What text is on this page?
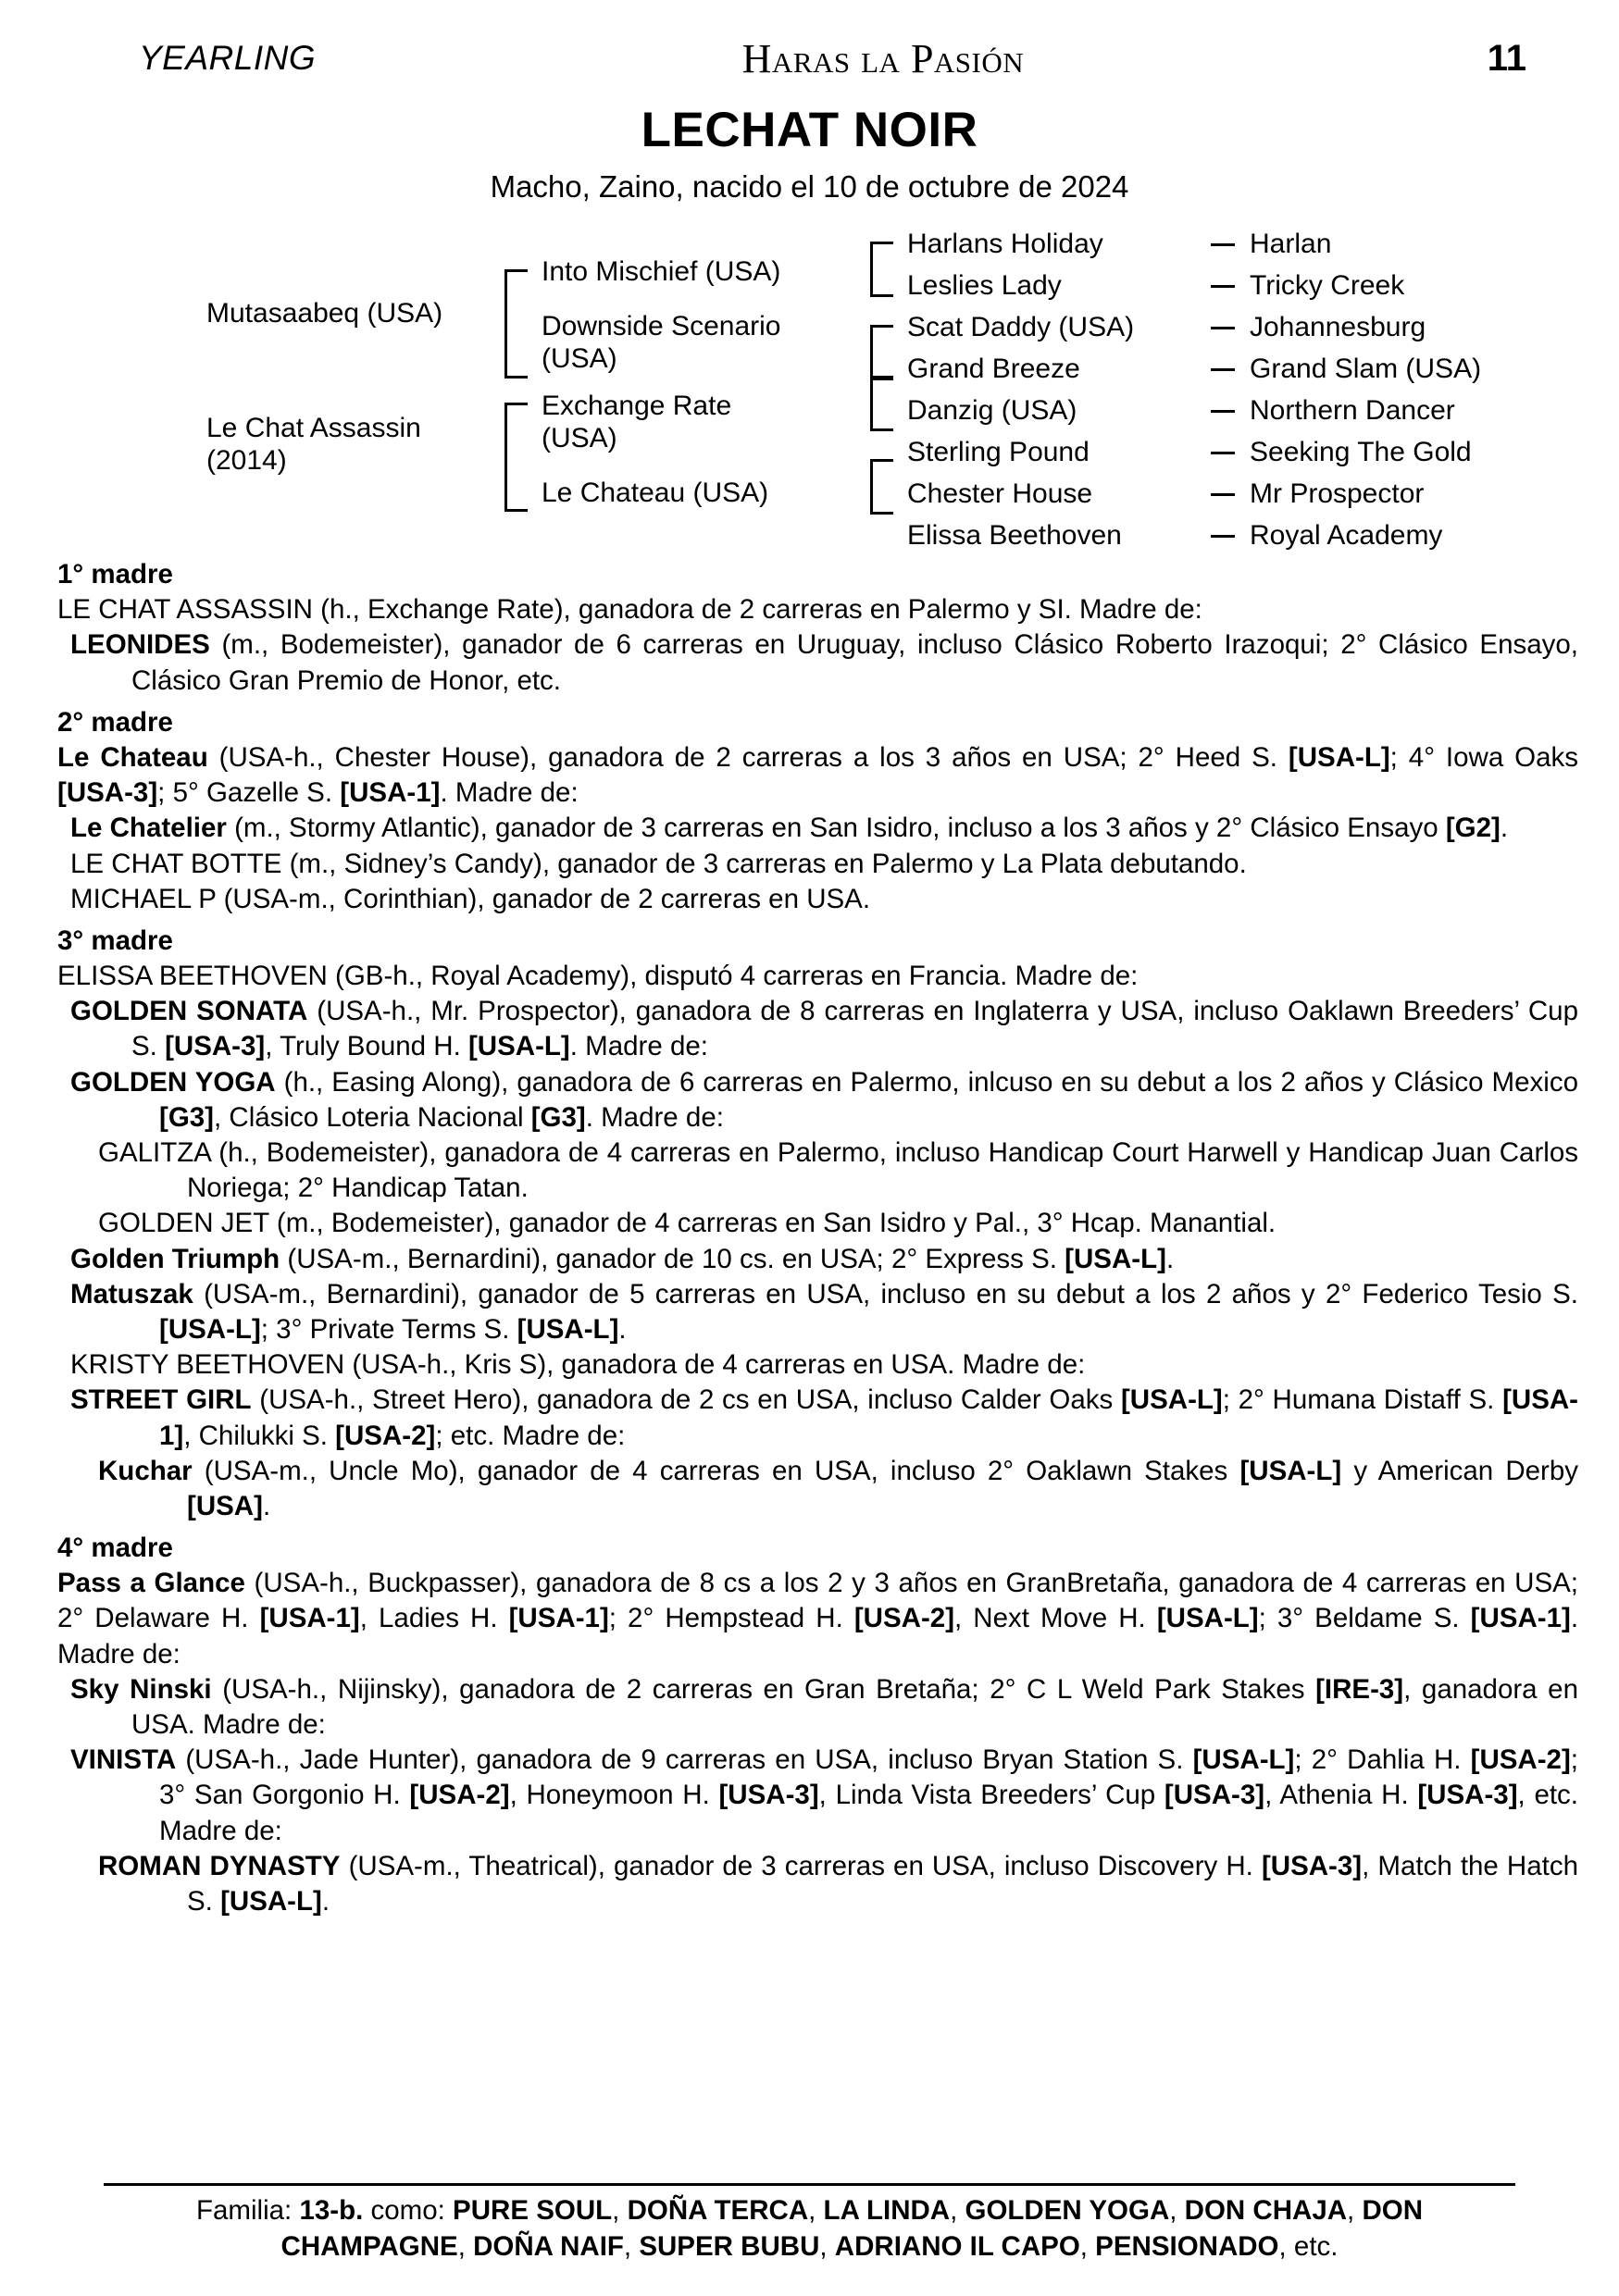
YEARLING	Haras la Pasión	11
LECHAT NOIR
Macho, Zaino, nacido el 10 de octubre de 2024
Mutasaabeq (USA)
Le Chat Assassin
(2014)
Into Mischief (USA)
Downside Scenario
(USA)
Exchange Rate
(USA)
Le Chateau (USA)
Harlans Holiday
Leslies Lady
Scat Daddy (USA)
Grand Breeze
Danzig (USA)
Sterling Pound
Chester House
Elissa Beethoven
Harlan
Tricky Creek
Johannesburg
Grand Slam (USA)
Northern Dancer
Seeking The Gold
Mr Prospector
Royal Academy
1° madre

LE CHAT ASSASSIN (h., Exchange Rate), ganadora de 2 carreras en Palermo y SI. Madre de:

LEONIDES (m., Bodemeister), ganador de 6 carreras en Uruguay, incluso Clásico Roberto Irazoqui; 2° Clásico Ensayo, Clásico Gran Premio de Honor, etc.

2° madre

Le Chateau (USA-h., Chester House), ganadora de 2 carreras a los 3 años en USA; 2° Heed S. [USA-L]; 4° Iowa Oaks [USA-3]; 5° Gazelle S. [USA-1]. Madre de:

Le Chatelier (m., Stormy Atlantic), ganador de 3 carreras en San Isidro, incluso a los 3 años y 2° Clásico Ensayo [G2].

LE CHAT BOTTE (m., Sidney’s Candy), ganador de 3 carreras en Palermo y La Plata debutando.

MICHAEL P (USA-m., Corinthian), ganador de 2 carreras en USA.

3° madre

ELISSA BEETHOVEN (GB-h., Royal Academy), disputó 4 carreras en Francia. Madre de:

GOLDEN SONATA (USA-h., Mr. Prospector), ganadora de 8 carreras en Inglaterra y USA, incluso Oaklawn Breeders’ Cup S. [USA-3], Truly Bound H. [USA-L]. Madre de:

GOLDEN YOGA (h., Easing Along), ganadora de 6 carreras en Palermo, inlcuso en su debut a los 2 años y Clásico Mexico [G3], Clásico Loteria Nacional [G3]. Madre de:

GALITZA (h., Bodemeister), ganadora de 4 carreras en Palermo, incluso Handicap Court Harwell y Handicap Juan Carlos Noriega; 2° Handicap Tatan.

GOLDEN JET (m., Bodemeister), ganador de 4 carreras en San Isidro y Pal., 3° Hcap. Manantial.

Golden Triumph (USA-m., Bernardini), ganador de 10 cs. en USA; 2° Express S. [USA-L].

Matuszak (USA-m., Bernardini), ganador de 5 carreras en USA, incluso en su debut a los 2 años y 2° Federico Tesio S. [USA-L]; 3° Private Terms S. [USA-L].

KRISTY BEETHOVEN (USA-h., Kris S), ganadora de 4 carreras en USA. Madre de:

STREET GIRL (USA-h., Street Hero), ganadora de 2 cs en USA, incluso Calder Oaks [USA-L]; 2° Humana Distaff S. [USA-1], Chilukki S. [USA-2]; etc. Madre de:

Kuchar (USA-m., Uncle Mo), ganador de 4 carreras en USA, incluso 2° Oaklawn Stakes [USA-L] y American Derby [USA].

4° madre

Pass a Glance (USA-h., Buckpasser), ganadora de 8 cs a los 2 y 3 años en GranBretaña, ganadora de 4 carreras en USA; 2° Delaware H. [USA-1], Ladies H. [USA-1]; 2° Hempstead H. [USA-2], Next Move H. [USA-L]; 3° Beldame S. [USA-1]. Madre de:

Sky Ninski (USA-h., Nijinsky), ganadora de 2 carreras en Gran Bretaña; 2° C L Weld Park Stakes [IRE-3], ganadora en USA. Madre de:

VINISTA (USA-h., Jade Hunter), ganadora de 9 carreras en USA, incluso Bryan Station S. [USA-L]; 2° Dahlia H. [USA-2]; 3° San Gorgonio H. [USA-2], Honeymoon H. [USA-3], Linda Vista Breeders’ Cup [USA-3], Athenia H. [USA-3], etc. Madre de:

ROMAN DYNASTY (USA-m., Theatrical), ganador de 3 carreras en USA, incluso Discovery H. [USA-3], Match the Hatch S. [USA-L].

Familia: 13-b. como: PURE SOUL, DOÑA TERCA, LA LINDA, GOLDEN YOGA, DON CHAJA, DON CHAMPAGNE, DOÑA NAIF, SUPER BUBU, ADRIANO IL CAPO, PENSIONADO, etc.
